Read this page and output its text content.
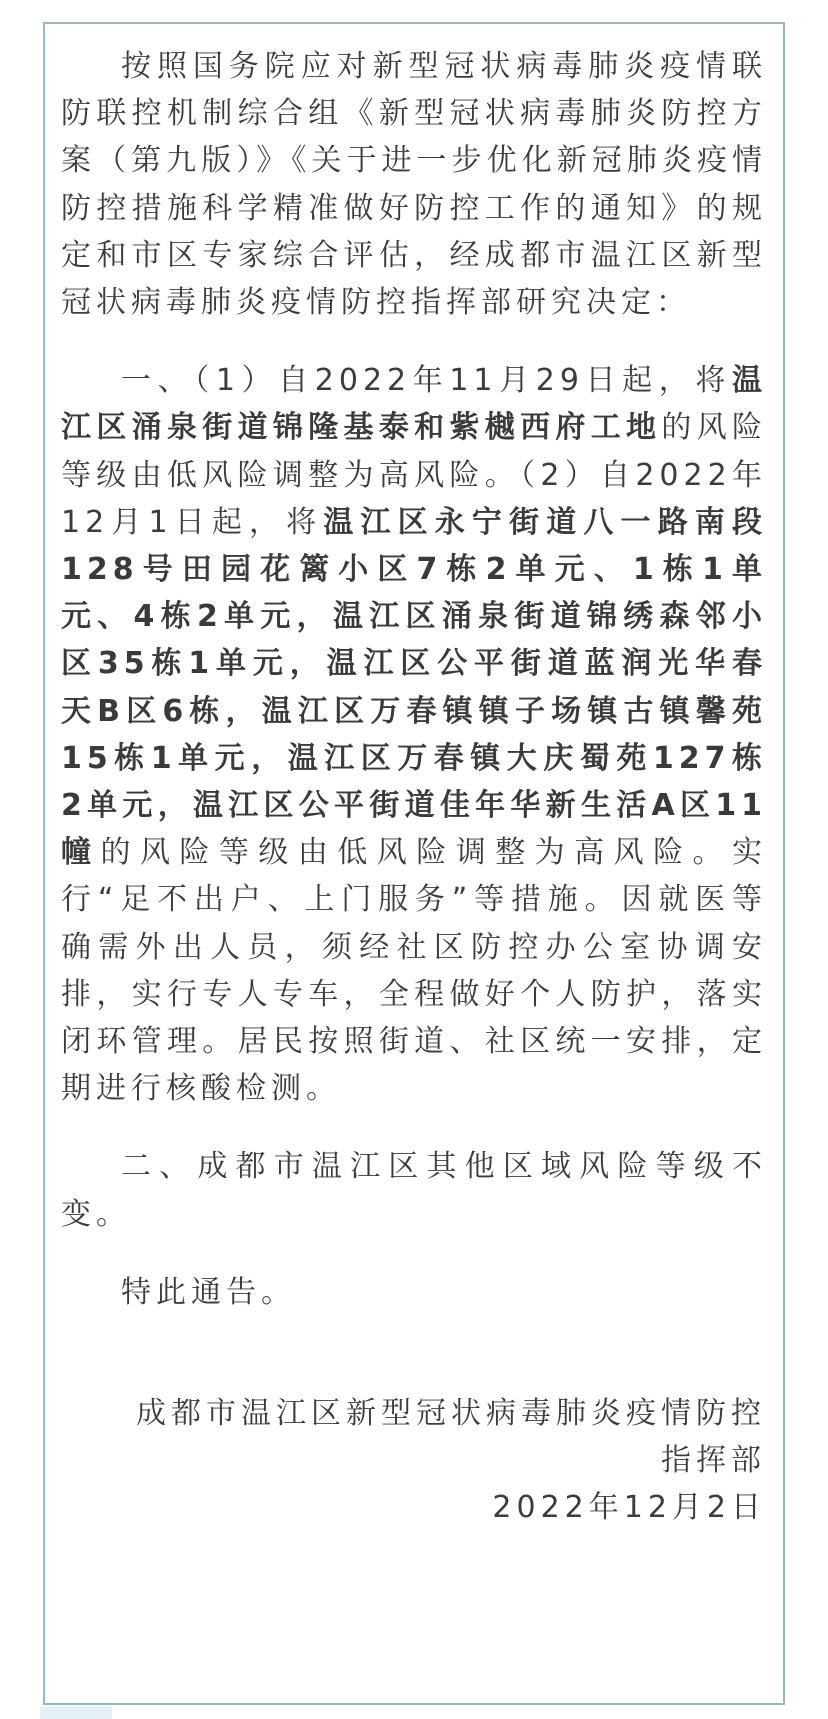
按照国务院应对新型冠状病毒肺炎疫情联防联控机制综合组《新型冠状病毒肺炎防控方案（第九版）》《关于进一步优化新冠肺炎疫情防控措施科学精准做好防控工作的通知》的规定和市区专家综合评估，经成都市温江区新型冠状病毒肺炎疫情防控指挥部研究决定：

一、（1）自2022年11月29日起，将温江区涌泉街道锦隆基泰和紫樾西府工地的风险等级由低风险调整为高风险。（2）自2022年12月1日起，将温江区永宁街道八一路南段128号田园花篱小区7栋2单元、1栋1单元、4栋2单元，温江区涌泉街道锦绣森邻小区35栋1单元，温江区公平街道蓝润光华春天B区6栋，温江区万春镇镇子场镇古镇馨苑15栋1单元，温江区万春镇大庆蜀苑127栋2单元，温江区公平街道佳年华新生活A区11幢的风险等级由低风险调整为高风险。实行“足不出户、上门服务”等措施。因就医等确需外出人员，须经社区防控办公室协调安排，实行专人专车，全程做好个人防护，落实闭环管理。居民按照街道、社区统一安排，定期进行核酸检测。

二、成都市温江区其他区域风险等级不变。

特此通告。

成都市温江区新型冠状病毒肺炎疫情防控指挥部
2022年12月2日
